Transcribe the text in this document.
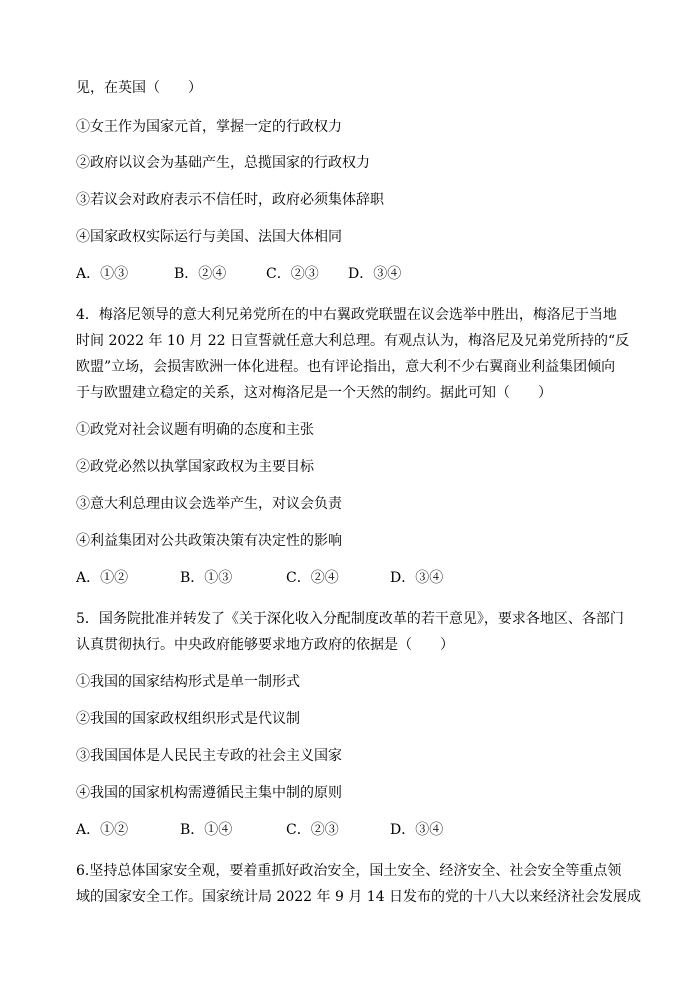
见，在英国（　　）
①女王作为国家元首，掌握一定的行政权力
②政府以议会为基础产生，总揽国家的行政权力
③若议会对政府表示不信任时，政府必须集体辞职
④国家政权实际运行与美国、法国大体相同
A．①③	B．②④	C．②③ D．③④
4．梅洛尼领导的意大利兄弟党所在的中右翼政党联盟在议会选举中胜出，梅洛尼于当地
时间 2022 年 10 月 22 日宣誓就任意大利总理。有观点认为，梅洛尼及兄弟党所持的“反
欧盟”立场，会损害欧洲一体化进程。也有评论指出，意大利不少右翼商业利益集团倾向
于与欧盟建立稳定的关系，这对梅洛尼是一个天然的制约。据此可知（　　）
①政党对社会议题有明确的态度和主张
②政党必然以执掌国家政权为主要目标
③意大利总理由议会选举产生，对议会负责
④利益集团对公共政策决策有决定性的影响
A．①②	B．①③	C．②④	D．③④
5．国务院批准并转发了《关于深化收入分配制度改革的若干意见》，要求各地区、各部门
认真贯彻执行。中央政府能够要求地方政府的依据是（　　）
①我国的国家结构形式是单一制形式
②我国的国家政权组织形式是代议制
③我国国体是人民民主专政的社会主义国家
④我国的国家机构需遵循民主集中制的原则
A．①②	B．①④	C．②③	D．③④
6.坚持总体国家安全观，要着重抓好政治安全，国土安全、经济安全、社会安全等重点领
域的国家安全工作。国家统计局 2022 年 9 月 14 日发布的党的十八大以来经济社会发展成
